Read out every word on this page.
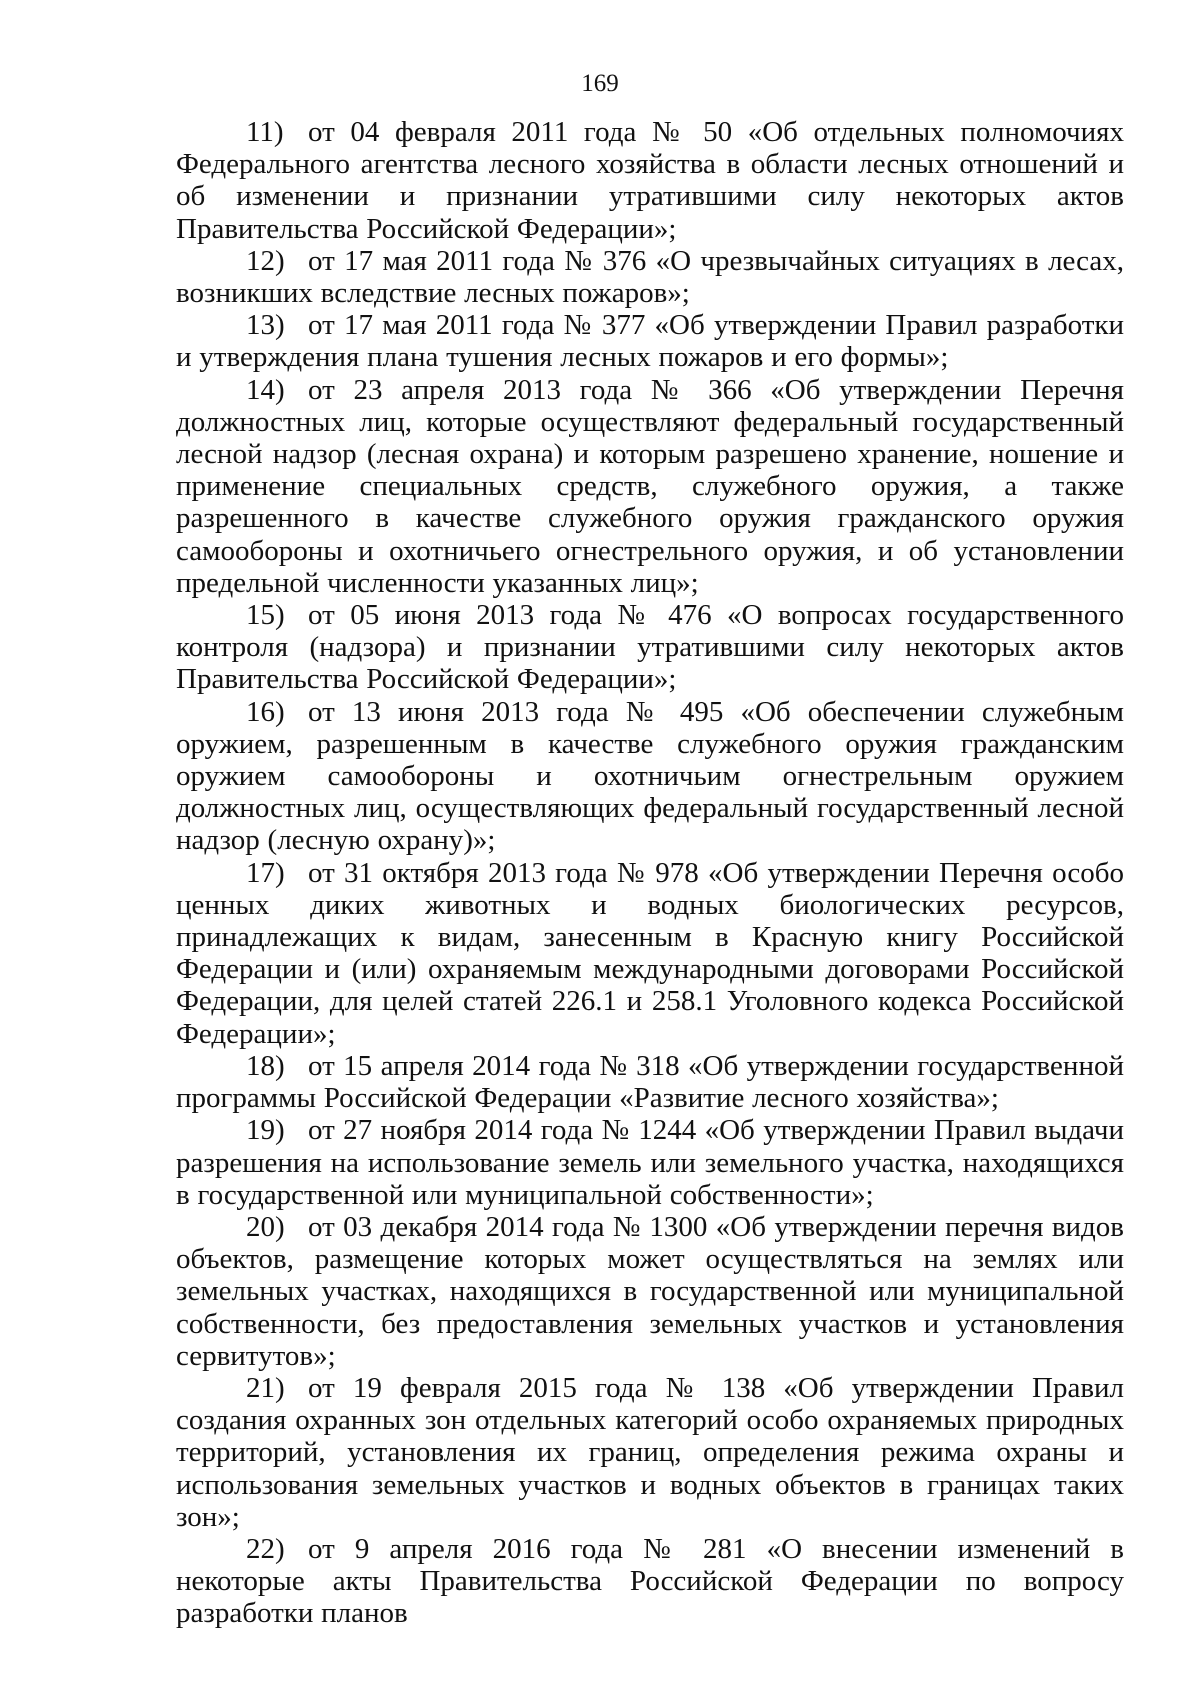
169

11) от 04 февраля 2011 года № 50 «Об отдельных полномочиях Федерального агентства лесного хозяйства в области лесных отношений и об изменении и признании утратившими силу некоторых актов Правительства Российской Федерации»;

12) от 17 мая 2011 года № 376 «О чрезвычайных ситуациях в лесах, возникших вследствие лесных пожаров»;

13) от 17 мая 2011 года № 377 «Об утверждении Правил разработки и утверждения плана тушения лесных пожаров и его формы»;

14) от 23 апреля 2013 года № 366 «Об утверждении Перечня должностных лиц, которые осуществляют федеральный государственный лесной надзор (лесная охрана) и которым разрешено хранение, ношение и применение специальных средств, служебного оружия, а также разрешенного в качестве служебного оружия гражданского оружия самообороны и охотничьего огнестрельного оружия, и об установлении предельной численности указанных лиц»;

15) от 05 июня 2013 года № 476 «О вопросах государственного контроля (надзора) и признании утратившими силу некоторых актов Правительства Российской Федерации»;

16) от 13 июня 2013 года № 495 «Об обеспечении служебным оружием, разрешенным в качестве служебного оружия гражданским оружием самообороны и охотничьим огнестрельным оружием должностных лиц, осуществляющих федеральный государственный лесной надзор (лесную охрану)»;

17) от 31 октября 2013 года № 978 «Об утверждении Перечня особо ценных диких животных и водных биологических ресурсов, принадлежащих к видам, занесенным в Красную книгу Российской Федерации и (или) охраняемым международными договорами Российской Федерации, для целей статей 226.1 и 258.1 Уголовного кодекса Российской Федерации»;

18) от 15 апреля 2014 года № 318 «Об утверждении государственной программы Российской Федерации «Развитие лесного хозяйства»;

19) от 27 ноября 2014 года № 1244 «Об утверждении Правил выдачи разрешения на использование земель или земельного участка, находящихся в государственной или муниципальной собственности»;

20) от 03 декабря 2014 года № 1300 «Об утверждении перечня видов объектов, размещение которых может осуществляться на землях или земельных участках, находящихся в государственной или муниципальной собственности, без предоставления земельных участков и установления сервитутов»;

21) от 19 февраля 2015 года № 138 «Об утверждении Правил создания охранных зон отдельных категорий особо охраняемых природных территорий, установления их границ, определения режима охраны и использования земельных участков и водных объектов в границах таких зон»;

22) от 9 апреля 2016 года № 281 «О внесении изменений в некоторые акты Правительства Российской Федерации по вопросу разработки планов
